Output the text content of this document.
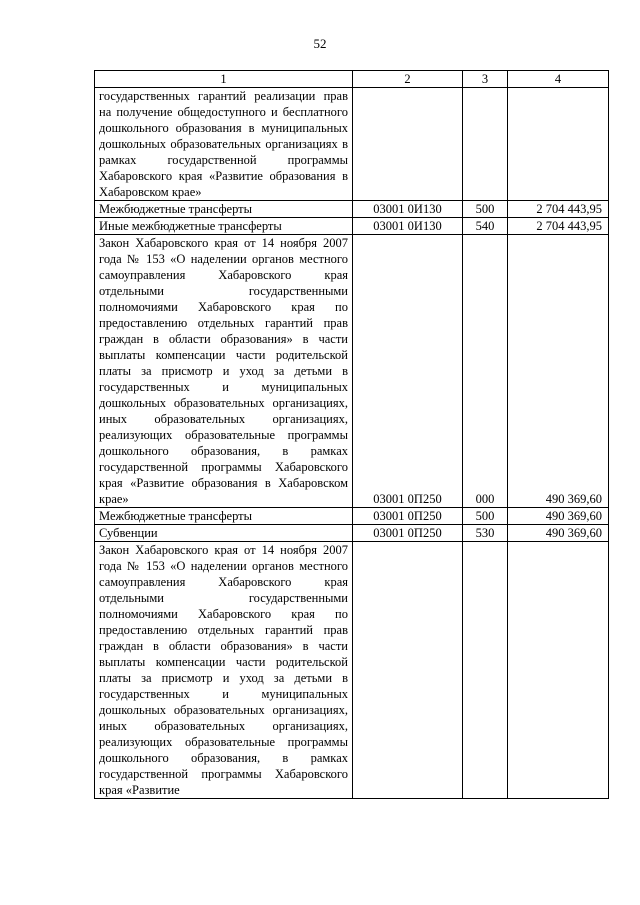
52
1	2	3	4
государственных гарантий реализации прав на получение общедоступного и бесплатного дошкольного образования в муниципальных дошкольных образовательных организациях в рамках государственной программы Хабаровского края «Развитие образования в Хабаровском крае»			
Межбюджетные трансферты	03001 0И130	500	2 704 443,95
Иные межбюджетные трансферты	03001 0И130	540	2 704 443,95
Закон Хабаровского края от 14 ноября 2007 года № 153 «О наделении органов местного самоуправления Хабаровского края отдельными государственными полномочиями Хабаровского края по предоставлению отдельных гарантий прав граждан в области образования» в части выплаты компенсации части родительской платы за присмотр и уход за детьми в государственных и муниципальных дошкольных образовательных организациях, иных образовательных организациях, реализующих образовательные программы дошкольного образования, в рамках государственной программы Хабаровского края «Развитие образования в Хабаровском крае»	03001 0П250	000	490 369,60
Межбюджетные трансферты	03001 0П250	500	490 369,60
Субвенции	03001 0П250	530	490 369,60
Закон Хабаровского края от 14 ноября 2007 года № 153 «О наделении органов местного самоуправления Хабаровского края отдельными государственными полномочиями Хабаровского края по предоставлению отдельных гарантий прав граждан в области образования» в части выплаты компенсации части родительской платы за присмотр и уход за детьми в государственных и муниципальных дошкольных образовательных организациях, иных образовательных организациях, реализующих образовательные программы дошкольного образования, в рамках государственной программы Хабаровского края «Развитие			
